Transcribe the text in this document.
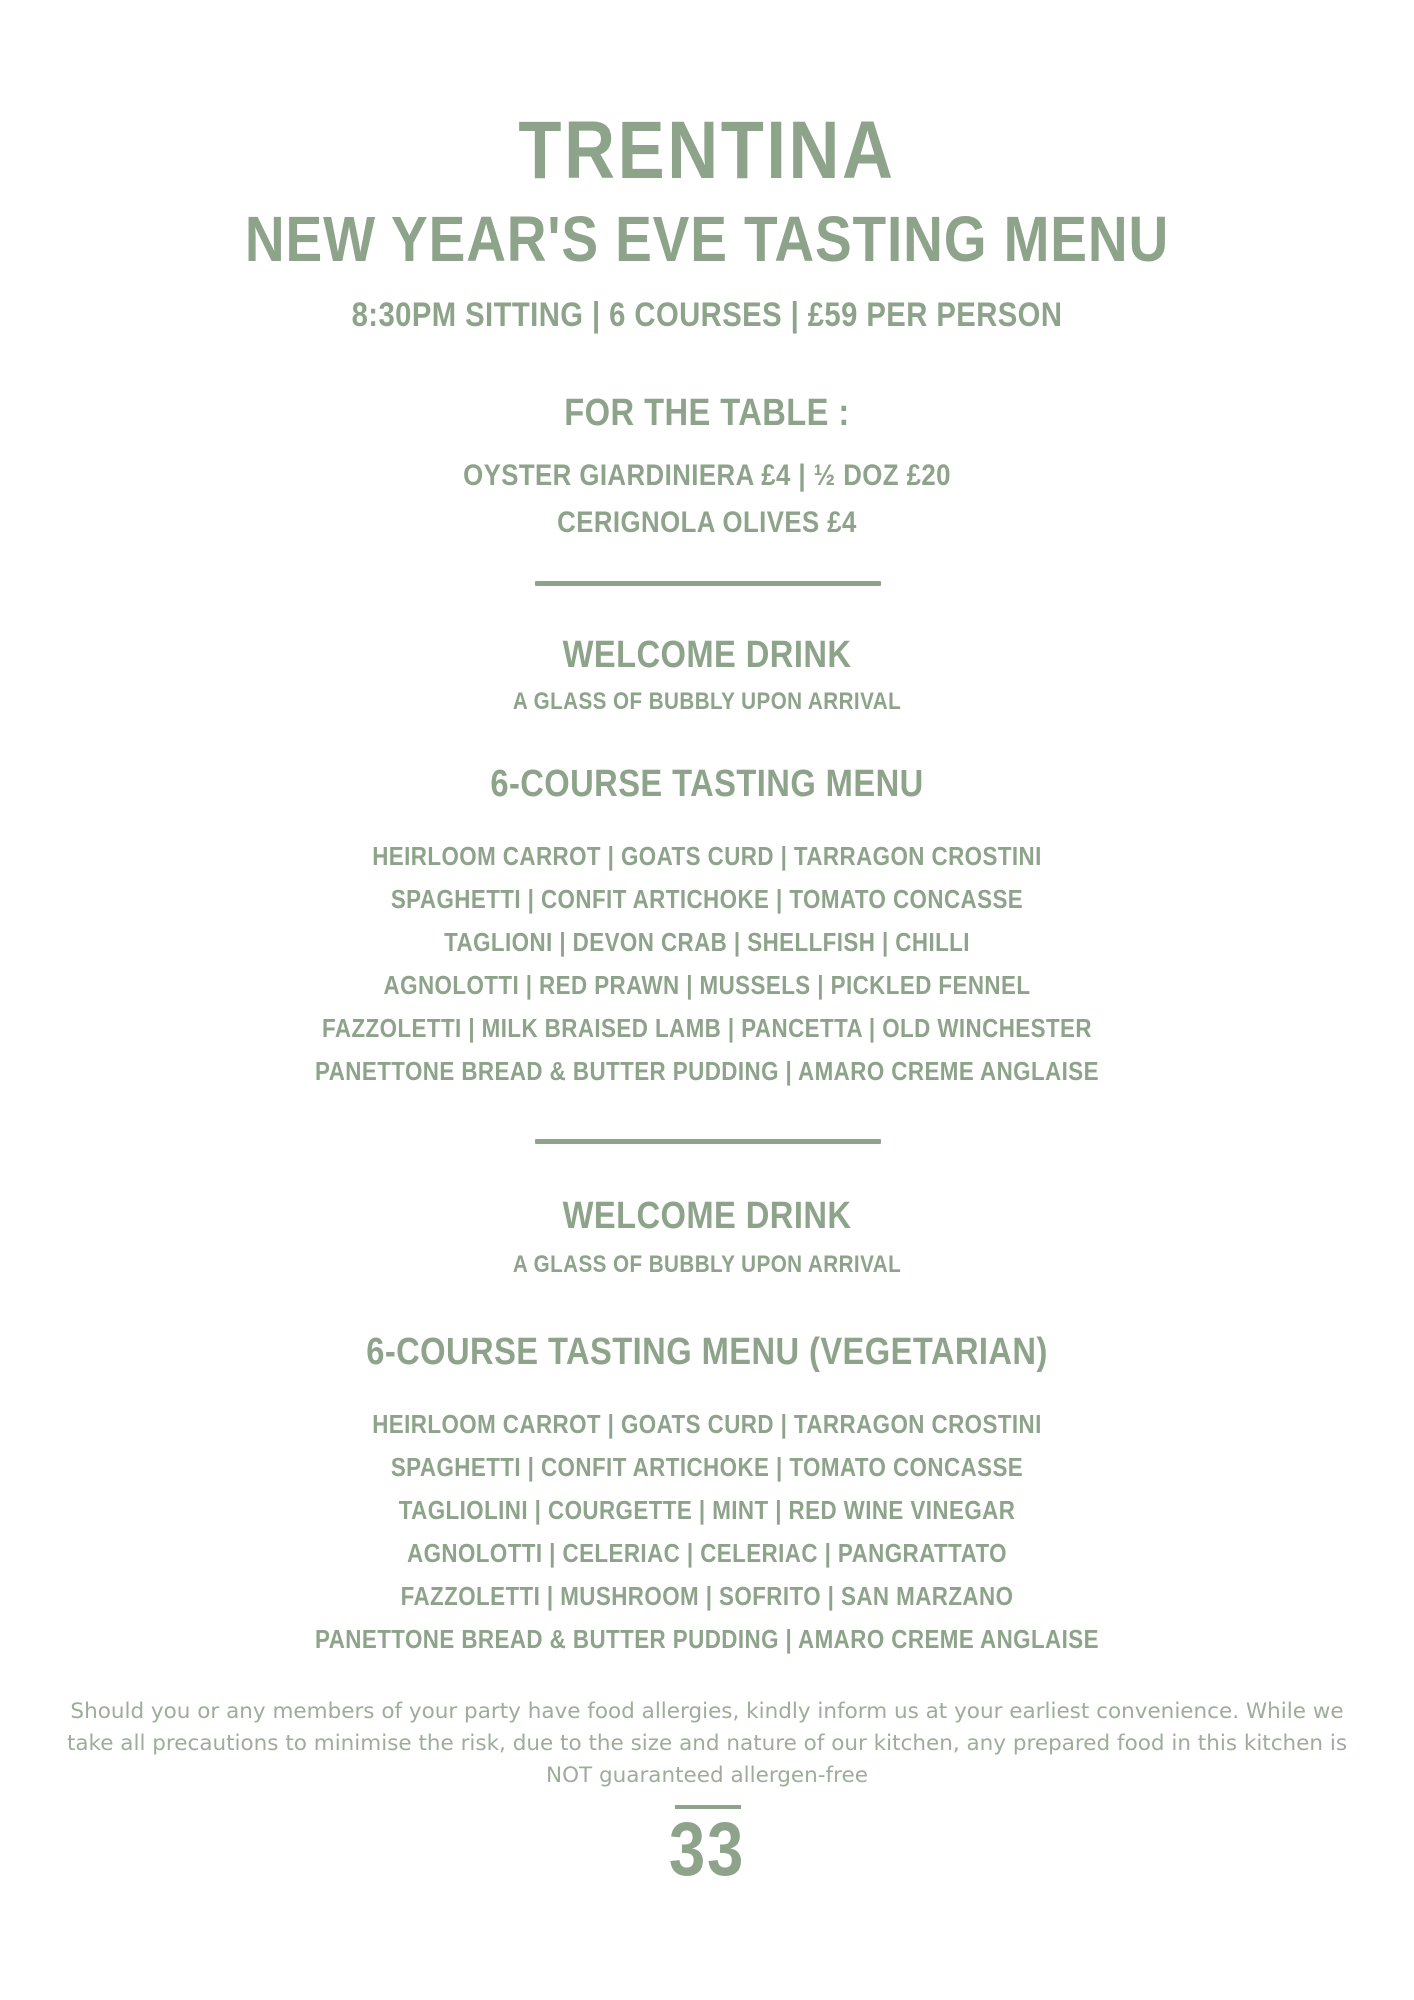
TRENTINA
NEW YEAR'S EVE TASTING MENU
8:30PM SITTING | 6 COURSES | £59 PER PERSON
FOR THE TABLE :
OYSTER GIARDINIERA £4 | ½ DOZ £20
CERIGNOLA OLIVES £4
WELCOME DRINK
A GLASS OF BUBBLY UPON ARRIVAL
6-COURSE TASTING MENU
HEIRLOOM CARROT | GOATS CURD | TARRAGON CROSTINI
SPAGHETTI | CONFIT ARTICHOKE | TOMATO CONCASSE
TAGLIONI | DEVON CRAB | SHELLFISH | CHILLI
AGNOLOTTI | RED PRAWN | MUSSELS | PICKLED FENNEL
FAZZOLETTI | MILK BRAISED LAMB | PANCETTA | OLD WINCHESTER
PANETTONE BREAD & BUTTER PUDDING | AMARO CREME ANGLAISE
WELCOME DRINK
A GLASS OF BUBBLY UPON ARRIVAL
6-COURSE TASTING MENU (VEGETARIAN)
HEIRLOOM CARROT | GOATS CURD | TARRAGON CROSTINI
SPAGHETTI | CONFIT ARTICHOKE | TOMATO CONCASSE
TAGLIOLINI | COURGETTE | MINT | RED WINE VINEGAR
AGNOLOTTI | CELERIAC | CELERIAC | PANGRATTATO
FAZZOLETTI | MUSHROOM | SOFRITO | SAN MARZANO
PANETTONE BREAD & BUTTER PUDDING | AMARO CREME ANGLAISE
Should you or any members of your party have food allergies, kindly inform us at your earliest convenience. While we take all precautions to minimise the risk, due to the size and nature of our kitchen, any prepared food in this kitchen is NOT guaranteed allergen-free
33
